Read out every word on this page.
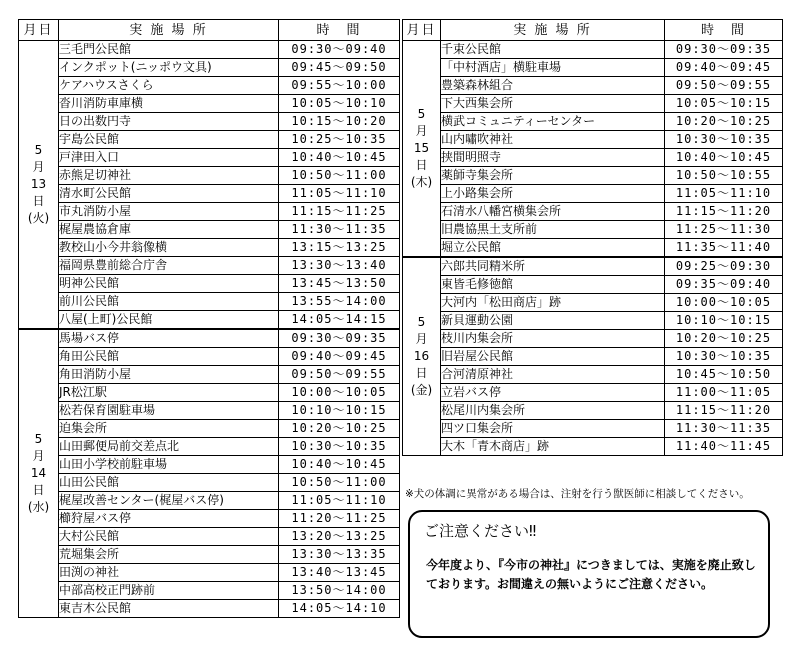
月日	実 施 場 所	時　間

5
月
13
日
(火)	三毛門公民館	09:30〜09:40
	インクポット(ニッポウ文具)	09:45〜09:50
	ケアハウスさくら	09:55〜10:00
	沓川消防車庫横	10:05〜10:10
	日の出数円寺	10:15〜10:20
	宇島公民館	10:25〜10:35
	戸津田入口	10:40〜10:45
	赤熊足切神社	10:50〜11:00
	清水町公民館	11:05〜11:10
	市丸消防小屋	11:15〜11:25
	梶屋農協倉庫	11:30〜11:35
	教校山小今井翁像横	13:15〜13:25
	福岡県豊前総合庁舎	13:30〜13:40
	明神公民館	13:45〜13:50
	前川公民館	13:55〜14:00
	八屋(上町)公民館	14:05〜14:15

5
月
14
日
(水)	馬場バス停	09:30〜09:35
	角田公民館	09:40〜09:45
	角田消防小屋	09:50〜09:55
	JR松江駅	10:00〜10:05
	松若保育園駐車場	10:10〜10:15
	迫集会所	10:20〜10:25
	山田郵便局前交差点北	10:30〜10:35
	山田小学校前駐車場	10:40〜10:45
	山田公民館	10:50〜11:00
	梶屋改善センター(梶屋バス停)	11:05〜11:10
	櫛狩屋バス停	11:20〜11:25
	大村公民館	13:20〜13:25
	荒堀集会所	13:30〜13:35
	田渕の神社	13:40〜13:45
	中部高校正門跡前	13:50〜14:00
	東吉木公民館	14:05〜14:10
月日	実 施 場 所	時　間

5
月
15
日
(木)	千束公民館	09:30〜09:35
	「中村酒店」横駐車場	09:40〜09:45
	豊築森林組合	09:50〜09:55
	下大西集会所	10:05〜10:15
	横武コミュニティーセンター	10:20〜10:25
	山内嘯吹神社	10:30〜10:35
	挟間明照寺	10:40〜10:45
	薬師寺集会所	10:50〜10:55
	上小路集会所	11:05〜11:10
	石清水八幡宮横集会所	11:15〜11:20
	旧農協黒土支所前	11:25〜11:30
	堀立公民館	11:35〜11:40

5
月
16
日
(金)	六郎共同精米所	09:25〜09:30
	東皆毛修徳館	09:35〜09:40
	大河内「松田商店」跡	10:00〜10:05
	新貝運動公園	10:10〜10:15
	枝川内集会所	10:20〜10:25
	旧岩屋公民館	10:30〜10:35
	合河清原神社	10:45〜10:50
	立岩バス停	11:00〜11:05
	松尾川内集会所	11:15〜11:20
	四ツ口集会所	11:30〜11:35
	大木「青木商店」跡	11:40〜11:45
※犬の体調に異常がある場合は、注射を行う獣医師に相談してください。
ご注意ください‼
今年度より、『今市の神社』につきましては、実施を廃止致しております。お間違えの無いようにご注意ください。
